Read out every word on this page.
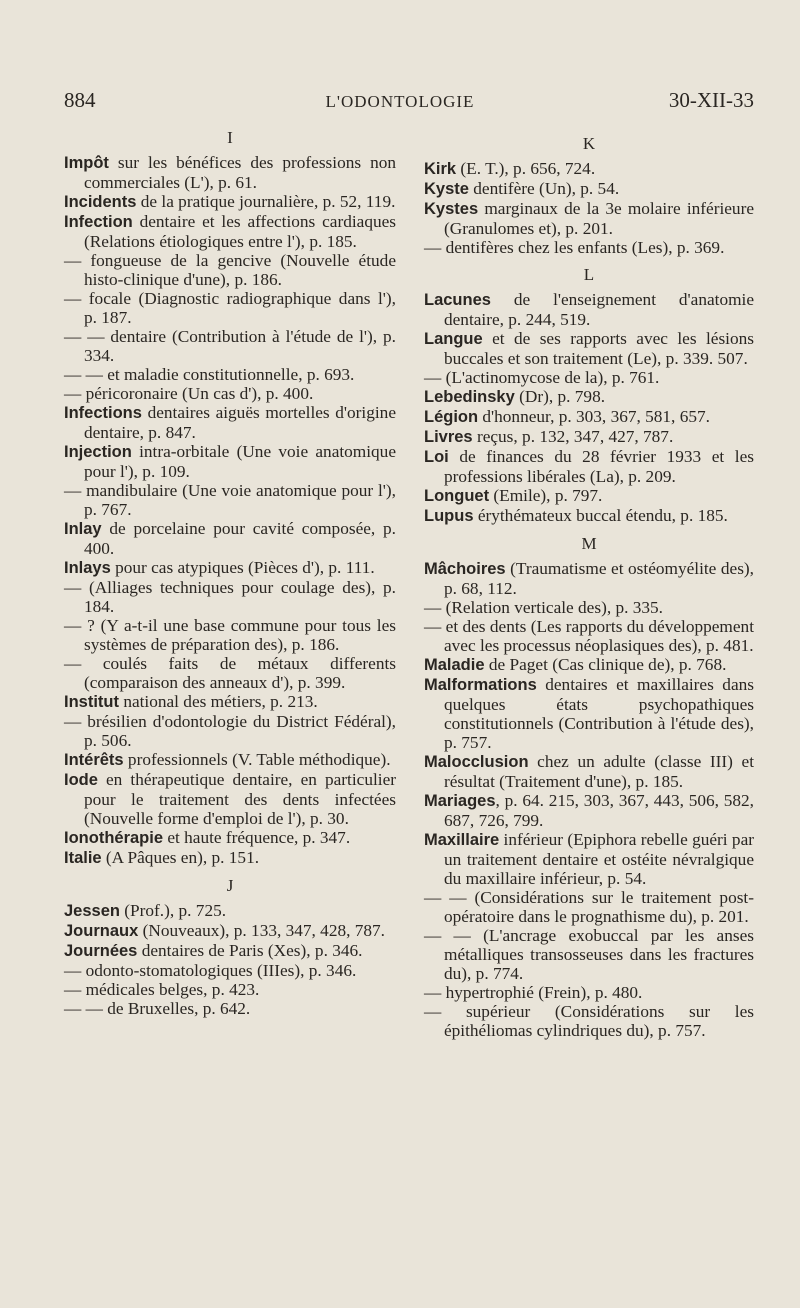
884	L'ODONTOLOGIE	30-XII-33
I

Impôt sur les bénéfices des professions non commerciales (L'), p. 61.

Incidents de la pratique journalière, p. 52, 119.

Infection dentaire et les affections cardiaques (Relations étiologiques entre l'), p. 185.

— fongueuse de la gencive (Nouvelle étude histo-clinique d'une), p. 186.

— focale (Diagnostic radiographique dans l'), p. 187.

— — dentaire (Contribution à l'étude de l'), p. 334.

— — et maladie constitutionnelle, p. 693.

— péricoronaire (Un cas d'), p. 400.

Infections dentaires aiguës mortelles d'origine dentaire, p. 847.

Injection intra-orbitale (Une voie anatomique pour l'), p. 109.

— mandibulaire (Une voie anatomique pour l'), p. 767.

Inlay de porcelaine pour cavité composée, p. 400.

Inlays pour cas atypiques (Pièces d'), p. 111.

— (Alliages techniques pour coulage des), p. 184.

— ? (Y a-t-il une base commune pour tous les systèmes de préparation des), p. 186.

— coulés faits de métaux differents (comparaison des anneaux d'), p. 399.

Institut national des métiers, p. 213.

— brésilien d'odontologie du District Fédéral), p. 506.

Intérêts professionnels (V. Table méthodique).

Iode en thérapeutique dentaire, en particulier pour le traitement des dents infectées (Nouvelle forme d'emploi de l'), p. 30.

Ionothérapie et haute fréquence, p. 347.

Italie (A Pâques en), p. 151.

J

Jessen (Prof.), p. 725.

Journaux (Nouveaux), p. 133, 347, 428, 787.

Journées dentaires de Paris (Xes), p. 346.

— odonto-stomatologiques (IIIes), p. 346.

— médicales belges, p. 423.

— — de Bruxelles, p. 642.

K

Kirk (E. T.), p. 656, 724.

Kyste dentifère (Un), p. 54.

Kystes marginaux de la 3e molaire inférieure (Granulomes et), p. 201.

— dentifères chez les enfants (Les), p. 369.

L

Lacunes de l'enseignement d'anatomie dentaire, p. 244, 519.

Langue et de ses rapports avec les lésions buccales et son traitement (Le), p. 339. 507.

— (L'actinomycose de la), p. 761.

Lebedinsky (Dr), p. 798.

Légion d'honneur, p. 303, 367, 581, 657.

Livres reçus, p. 132, 347, 427, 787.

Loi de finances du 28 février 1933 et les professions libérales (La), p. 209.

Longuet (Emile), p. 797.

Lupus érythémateux buccal étendu, p. 185.

M

Mâchoires (Traumatisme et ostéomyélite des), p. 68, 112.

— (Relation verticale des), p. 335.

— et des dents (Les rapports du développement avec les processus néoplasiques des), p. 481.

Maladie de Paget (Cas clinique de), p. 768.

Malformations dentaires et maxillaires dans quelques états psychopathiques constitutionnels (Contribution à l'étude des), p. 757.

Malocclusion chez un adulte (classe III) et résultat (Traitement d'une), p. 185.

Mariages, p. 64. 215, 303, 367, 443, 506, 582, 687, 726, 799.

Maxillaire inférieur (Epiphora rebelle guéri par un traitement dentaire et ostéite névralgique du maxillaire inférieur, p. 54.

— — (Considérations sur le traitement post-opératoire dans le prognathisme du), p. 201.

— — (L'ancrage exobuccal par les anses métalliques transosseuses dans les fractures du), p. 774.

— hypertrophié (Frein), p. 480.

— supérieur (Considérations sur les épithéliomas cylindriques du), p. 757.
